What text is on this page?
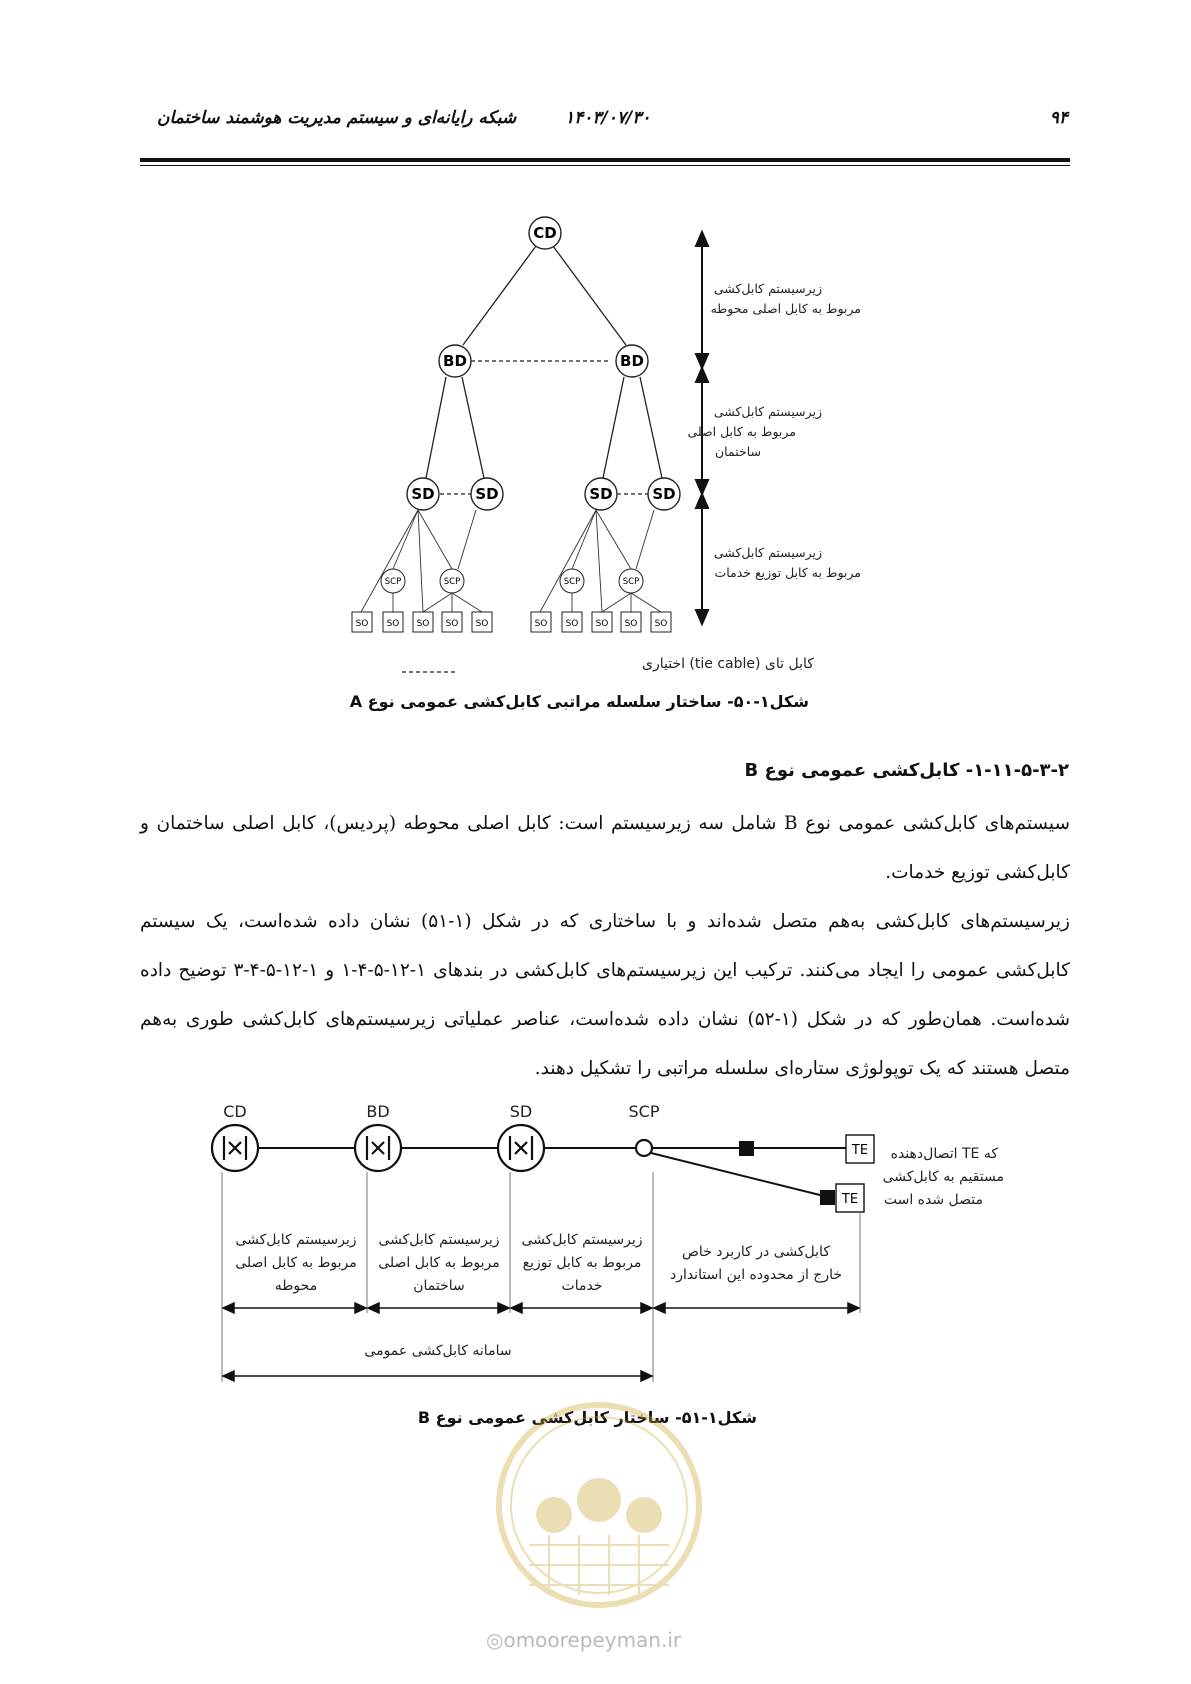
۹۴
۱۴۰۳/۰۷/۳۰
شبکه رایانه‌ای و سیستم مدیریت هوشمند ساختمان
CD
BD	BD
SD	SD	SD	SD
SCP	SCP	SCP	SCP
SO SO SO SO SO	SO SO SO SO SO
زیرسیستم کابل‌کشی
مربوط به کابل اصلی محوطه
زیرسیستم کابل‌کشی
مربوط به کابل اصلی
ساختمان
زیرسیستم کابل‌کشی
مربوط به کابل توزیع خدمات
کابل تای (tie cable) اختیاری
شکل۱-۵۰- ساختار سلسله مراتبی کابل‌کشی عمومی نوع A
۱-۱۱-۵-۳-۲- کابل‌کشی عمومی نوع B
سیستم‌های کابل‌کشی عمومی نوع B شامل سه زیرسیستم است: کابل اصلی محوطه (پردیس)، کابل اصلی ساختمان و کابل‌کشی توزیع خدمات.
زیرسیستم‌های کابل‌کشی به‌هم متصل شده‌اند و با ساختاری که در شکل (۱-۵۱) نشان داده شده‌است، یک سیستم کابل‌کشی عمومی را ایجاد می‌کنند. ترکیب این زیرسیستم‌های کابل‌کشی در بندهای ۱-۱۲-۵-۴-۱ و ۱-۱۲-۵-۴-۳ توضیح داده شده‌است. همان‌طور که در شکل (۱-۵۲) نشان داده شده‌است، عناصر عملیاتی زیرسیستم‌های کابل‌کشی طوری به‌هم متصل هستند که یک توپولوژی ستاره‌ای سلسله مراتبی را تشکیل دهند.
CD	BD	SD	SCP
TE
TE
اتصال‌دهنده TE که
مستقیم به کابل‌کشی
متصل شده است
زیرسیستم کابل‌کشی
مربوط به کابل اصلی
محوطه
زیرسیستم کابل‌کشی
مربوط به کابل اصلی
ساختمان
زیرسیستم کابل‌کشی
مربوط به کابل توزیع
خدمات
کابل‌کشی در کاربرد خاص
خارج از محدوده این استاندارد
سامانه کابل‌کشی عمومی
شکل۱-۵۱- ساختار کابل‌کشی عمومی نوع B
◎omoorepeyman.ir
